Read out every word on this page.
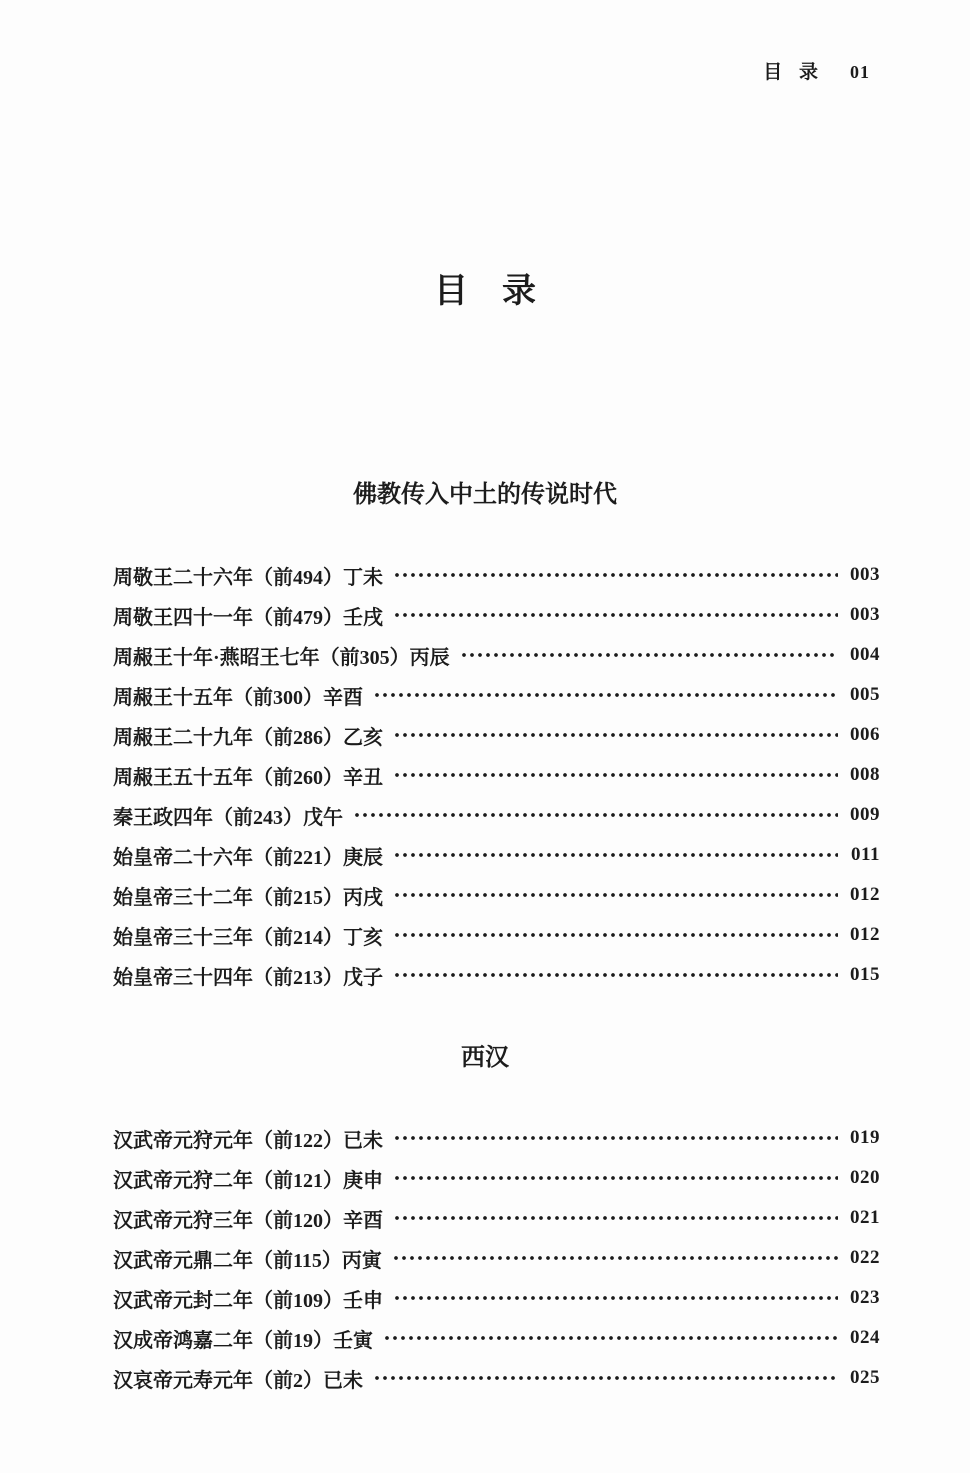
目 录 01
目　录
佛教传入中土的传说时代
周敬王二十六年（前494）丁未	003
周敬王四十一年（前479）壬戌	003
周赧王十年·燕昭王七年（前305）丙辰	004
周赧王十五年（前300）辛酉	005
周赧王二十九年（前286）乙亥	006
周赧王五十五年（前260）辛丑	008
秦王政四年（前243）戊午	009
始皇帝二十六年（前221）庚辰	011
始皇帝三十二年（前215）丙戌	012
始皇帝三十三年（前214）丁亥	012
始皇帝三十四年（前213）戊子	015
西汉
汉武帝元狩元年（前122）已未	019
汉武帝元狩二年（前121）庚申	020
汉武帝元狩三年（前120）辛酉	021
汉武帝元鼎二年（前115）丙寅	022
汉武帝元封二年（前109）壬申	023
汉成帝鸿嘉二年（前19）壬寅	024
汉哀帝元寿元年（前2）已未	025
